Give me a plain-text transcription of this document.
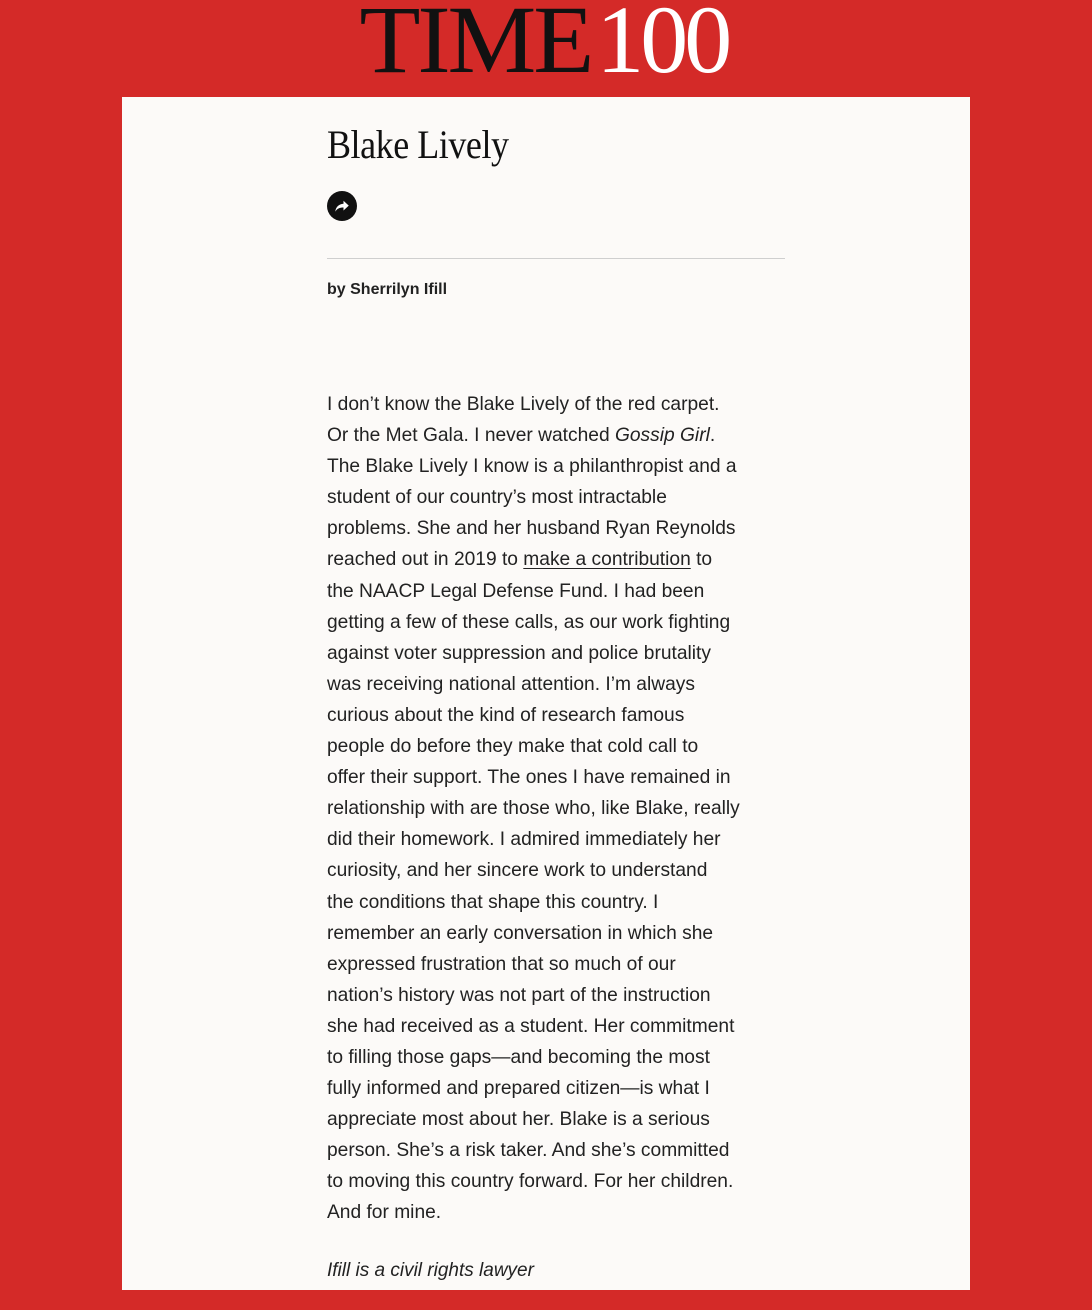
TIME100
Blake Lively
by Sherrilyn Ifill
I don’t know the Blake Lively of the red carpet.
Or the Met Gala. I never watched Gossip Girl.
The Blake Lively I know is a philanthropist and a
student of our country’s most intractable
problems. She and her husband Ryan Reynolds
reached out in 2019 to make a contribution to
the NAACP Legal Defense Fund. I had been
getting a few of these calls, as our work fighting
against voter suppression and police brutality
was receiving national attention. I’m always
curious about the kind of research famous
people do before they make that cold call to
offer their support. The ones I have remained in
relationship with are those who, like Blake, really
did their homework. I admired immediately her
curiosity, and her sincere work to understand
the conditions that shape this country. I
remember an early conversation in which she
expressed frustration that so much of our
nation’s history was not part of the instruction
she had received as a student. Her commitment
to filling those gaps—and becoming the most
fully informed and prepared citizen—is what I
appreciate most about her. Blake is a serious
person. She’s a risk taker. And she’s committed
to moving this country forward. For her children.
And for mine.
Ifill is a civil rights lawyer
